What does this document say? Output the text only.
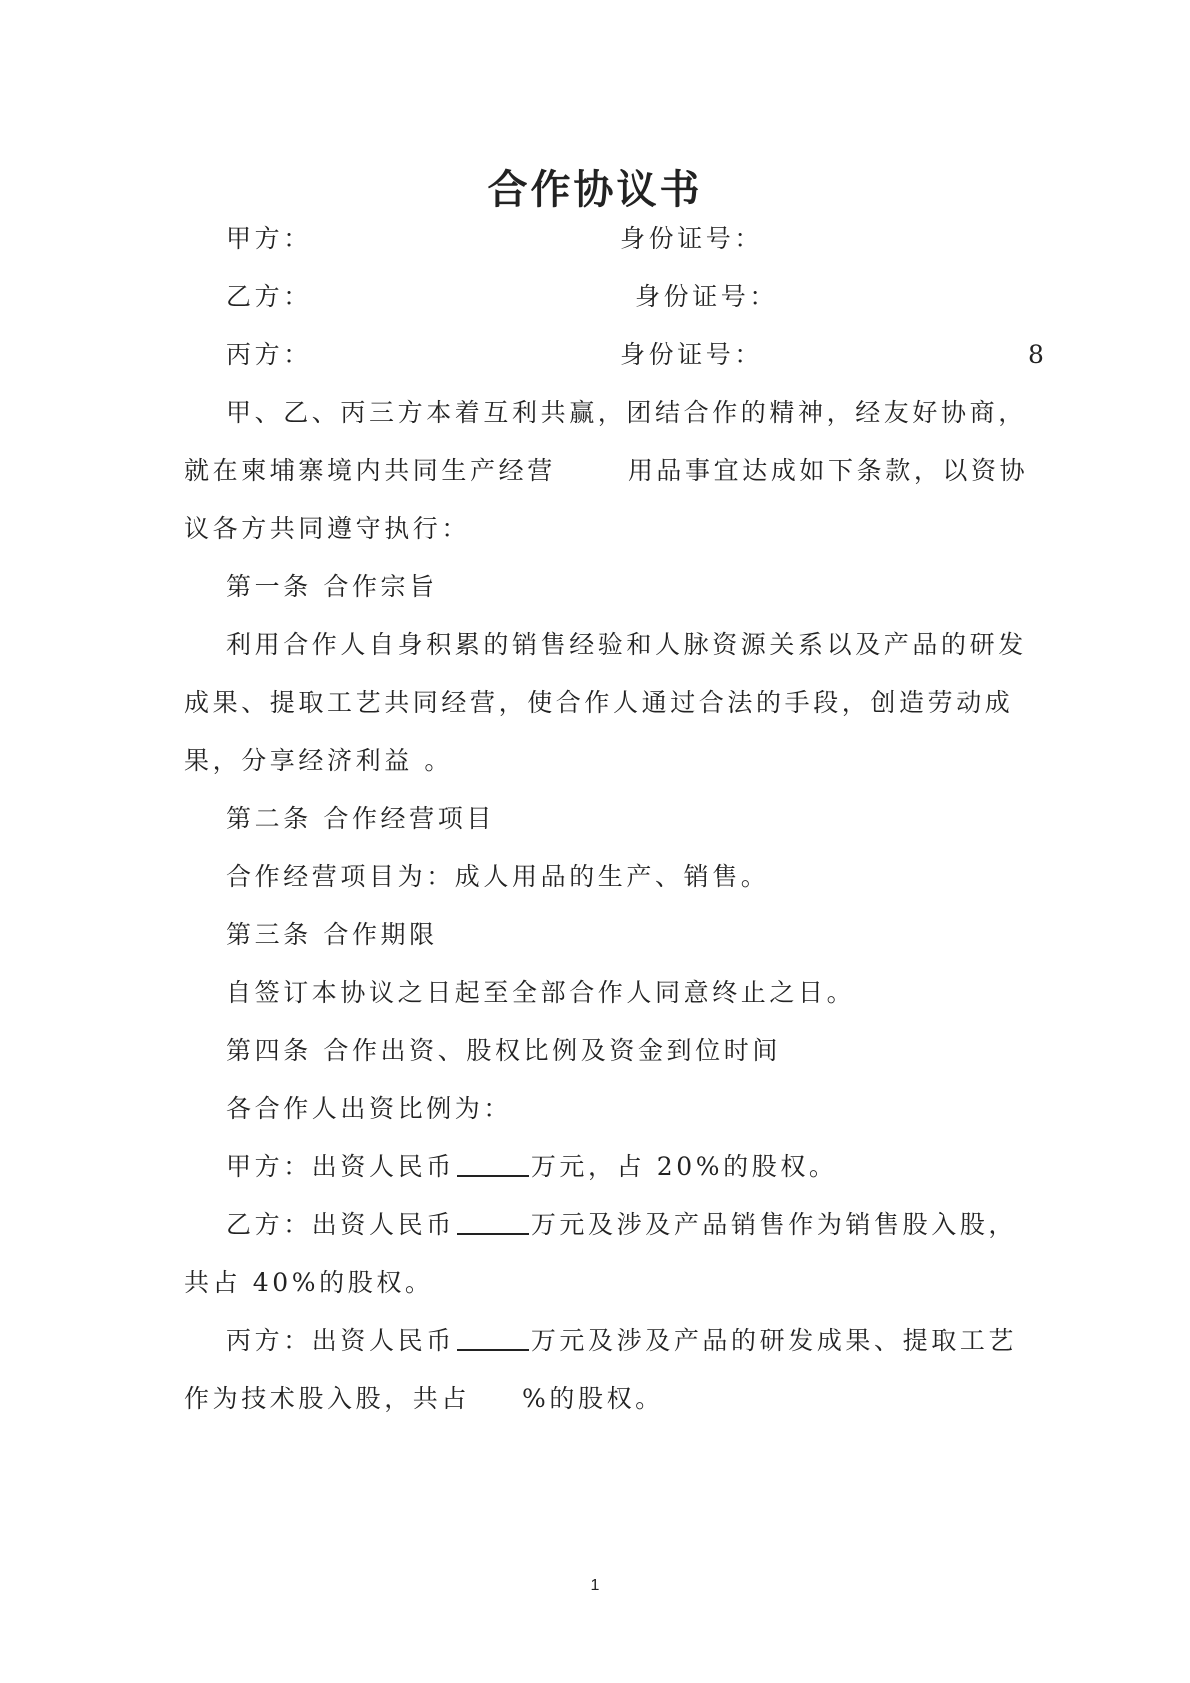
合作协议书
甲方：	身份证号：
乙方：	身份证号：
丙方：	身份证号：	8
甲、乙、丙三方本着互利共赢，团结合作的精神，经友好协商，
就在柬埔寨境内共同生产经营	用品事宜达成如下条款，以资协
议各方共同遵守执行：
第一条 合作宗旨
利用合作人自身积累的销售经验和人脉资源关系以及产品的研发
成果、提取工艺共同经营，使合作人通过合法的手段，创造劳动成
果，分享经济利益 。
第二条 合作经营项目
合作经营项目为：成人用品的生产、销售。
第三条 合作期限
自签订本协议之日起至全部合作人同意终止之日。
第四条 合作出资、股权比例及资金到位时间
各合作人出资比例为：
甲方：出资人民币	万元，占 20%的股权。
乙方：出资人民币	万元及涉及产品销售作为销售股入股，
共占 40%的股权。
丙方：出资人民币	万元及涉及产品的研发成果、提取工艺
作为技术股入股，共占 %的股权。
1
